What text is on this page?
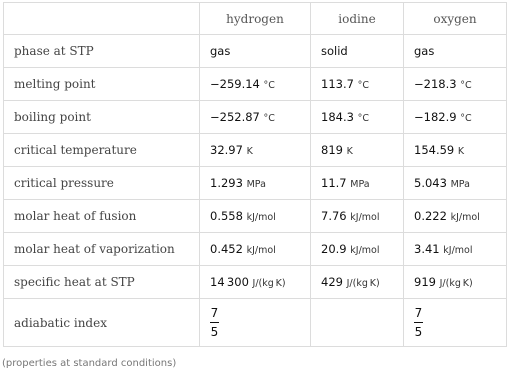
	hydrogen	iodine	oxygen
phase at STP	gas	solid	gas
melting point	−259.14 °C	113.7 °C	−218.3 °C
boiling point	−252.87 °C	184.3 °C	−182.9 °C
critical temperature	32.97 K	819 K	154.59 K
critical pressure	1.293 MPa	11.7 MPa	5.043 MPa
molar heat of fusion	0.558 kJ/mol	7.76 kJ/mol	0.222 kJ/mol
molar heat of vaporization	0.452 kJ/mol	20.9 kJ/mol	3.41 kJ/mol
specific heat at STP	14 300 J/(kg K)	429 J/(kg K)	919 J/(kg K)
adiabatic index	$\frac{7}{5}$		$\frac{7}{5}$
(properties at standard conditions)
